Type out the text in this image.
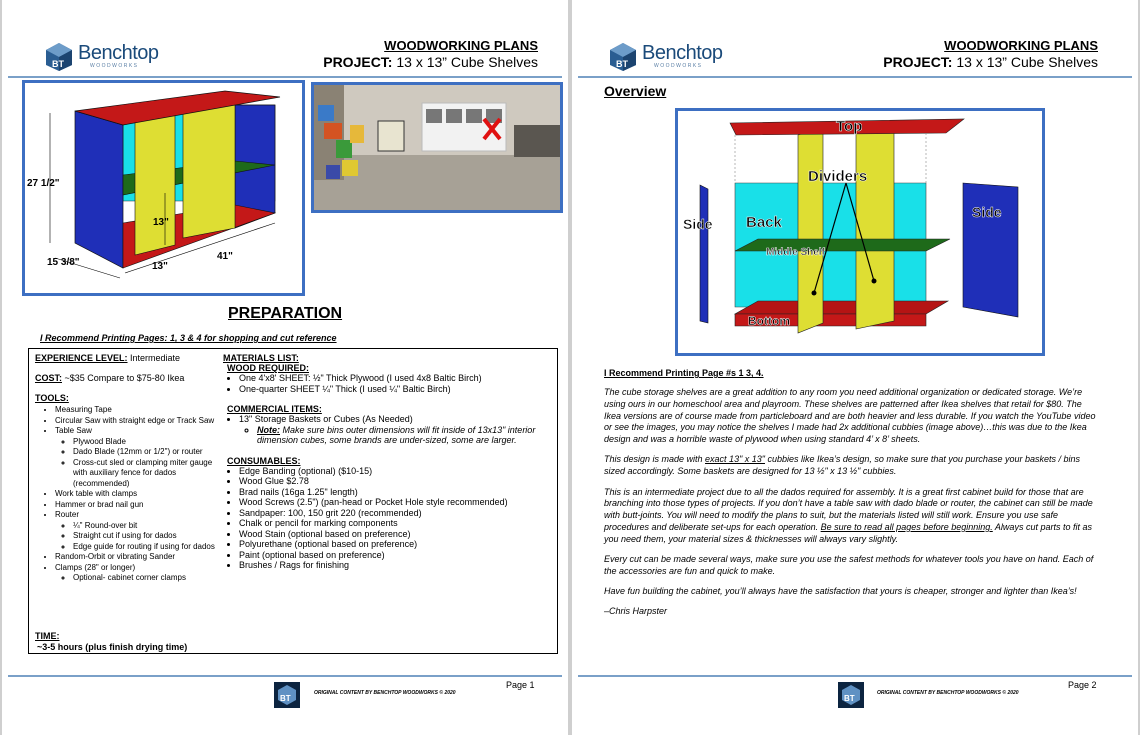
BT Benchtop
WOODWORKS
WOODWORKING PLANS
PROJECT: 13 x 13” Cube Shelves
27 1/2"
15 3/8"
41"
13"
13"
PREPARATION
I Recommend Printing Pages: 1, 3 & 4 for shopping and cut reference
EXPERIENCE LEVEL: Intermediate
COST: ~$35 Compare to $75-80 Ikea
TOOLS:
• Measuring Tape
• Circular Saw with straight edge or Track Saw
• Table Saw
◦ Plywood Blade
◦ Dado Blade (12mm or 1/2") or router
◦ Cross-cut sled or clamping miter gauge with auxiliary fence for dados (recommended)
• Work table with clamps
• Hammer or brad nail gun
• Router
◦ ¼" Round-over bit
◦ Straight cut if using for dados
◦ Edge guide for routing if using for dados
• Random-Orbit or vibrating Sander
• Clamps (28" or longer)
◦ Optional- cabinet corner clamps
TIME:
~3-5 hours (plus finish drying time)
MATERIALS LIST:
WOOD REQUIRED:
• One 4'x8' SHEET: ½" Thick Plywood (I used 4x8 Baltic Birch)
• One-quarter SHEET ¼" Thick (I used ¼" Baltic Birch)
COMMERCIAL ITEMS:
• 13" Storage Baskets or Cubes (As Needed)
◦ Note: Make sure bins outer dimensions will fit inside of 13x13" interior dimension cubes, some brands are under-sized, some are larger.
CONSUMABLES:
• Edge Banding (optional) ($10-15)
• Wood Glue $2.78
• Brad nails (16ga 1.25" length)
• Wood Screws (2.5") (pan-head or Pocket Hole style recommended)
• Sandpaper: 100, 150 grit 220 (recommended)
• Chalk or pencil for marking components
• Wood Stain (optional based on preference)
• Polyurethane (optional based on preference)
• Paint (optional based on preference)
• Brushes / Rags for finishing
BT
ORIGINAL CONTENT BY BENCHTOP WOODWORKS © 2020
Page 1
BT Benchtop
WOODWORKS
WOODWORKING PLANS
PROJECT: 13 x 13” Cube Shelves
Overview
Top
Dividers
Side Back
Side
Middle Shelf
Bottom
I Recommend Printing Page #s 1 3, 4.

The cube storage shelves are a great addition to any room you need additional organization or dedicated storage. We’re using ours in our homeschool area and playroom. These shelves are patterned after Ikea shelves that retail for $80. The Ikea versions are of course made from particleboard and are both heavier and less durable. If you watch the YouTube video or see the images, you may notice the shelves I made had 2x additional cubbies (image above)…this was due to the Ikea design and was a horrible waste of plywood when using standard 4’ x 8’ sheets.

This design is made with exact 13" x 13" cubbies like Ikea’s design, so make sure that you purchase your baskets / bins sized accordingly. Some baskets are designed for 13 ½" x 13 ½" cubbies.

This is an intermediate project due to all the dados required for assembly. It is a great first cabinet build for those that are branching into those types of projects. If you don’t have a table saw with dado blade or router, the cabinet can still be made with butt-joints. You will need to modify the plans to suit, but the materials listed will still work. Ensure you use safe procedures and deliberate set-ups for each operation. Be sure to read all pages before beginning. Always cut parts to fit as you need them, your material sizes & thicknesses will always vary slightly.

Every cut can be made several ways, make sure you use the safest methods for whatever tools you have on hand. Each of the accessories are fun and quick to make.

Have fun building the cabinet, you’ll always have the satisfaction that yours is cheaper, stronger and lighter than Ikea’s!

–Chris Harpster

BT
ORIGINAL CONTENT BY BENCHTOP WOODWORKS © 2020
Page 2
